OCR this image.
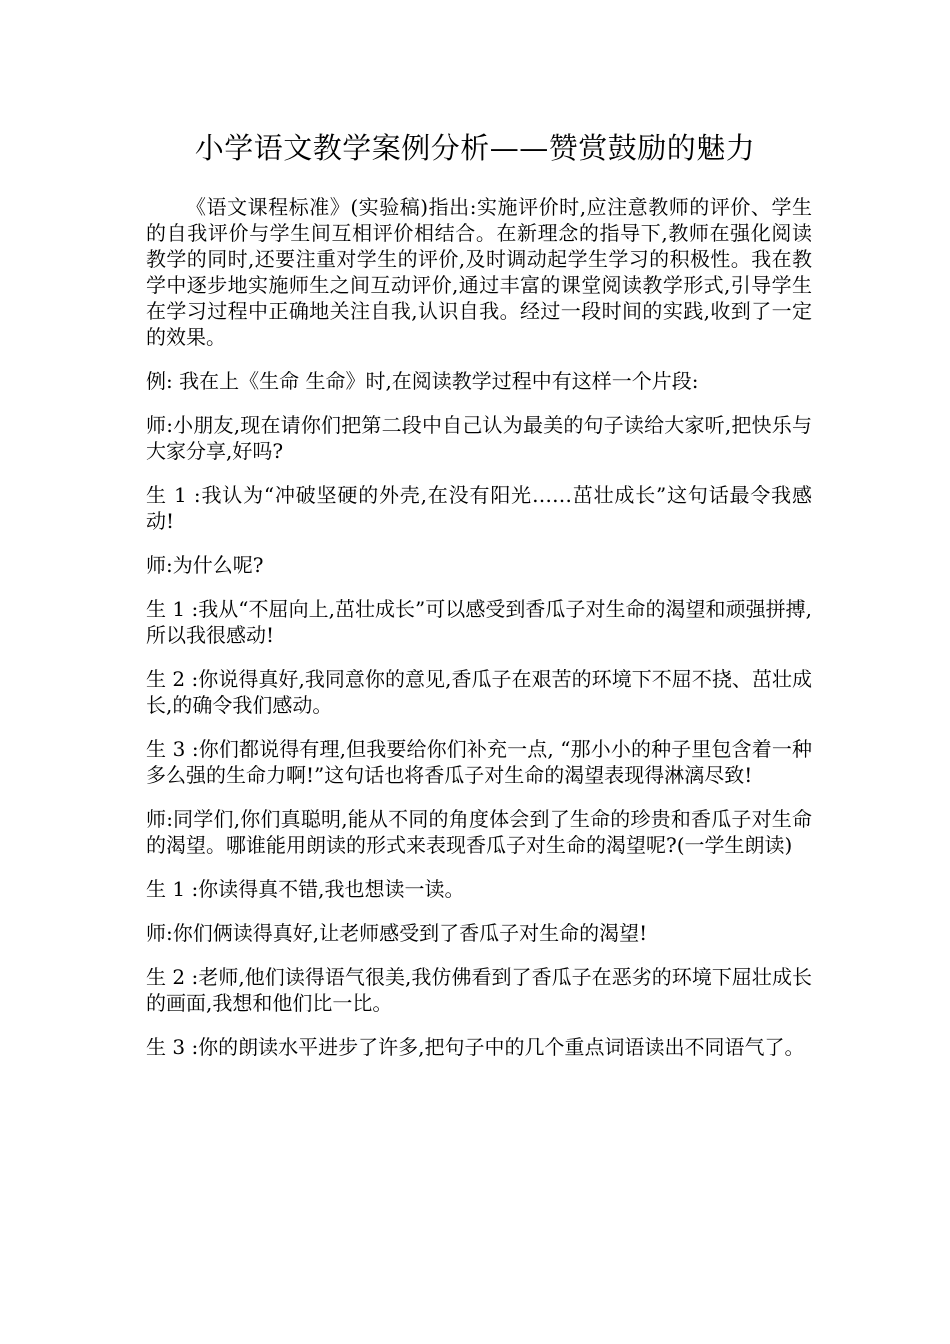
小学语文教学案例分析——赞赏鼓励的魅力

《语文课程标准》(实验稿)指出:实施评价时,应注意教师的评价、学生的自我评价与学生间互相评价相结合。在新理念的指导下,教师在强化阅读教学的同时,还要注重对学生的评价,及时调动起学生学习的积极性。我在教学中逐步地实施师生之间互动评价,通过丰富的课堂阅读教学形式,引导学生在学习过程中正确地关注自我,认识自我。经过一段时间的实践,收到了一定的效果。

例: 我在上《生命 生命》时,在阅读教学过程中有这样一个片段:

师:小朋友,现在请你们把第二段中自己认为最美的句子读给大家听,把快乐与大家分享,好吗?

生 1 :我认为“冲破坚硬的外壳,在没有阳光……茁壮成长”这句话最令我感动!

师:为什么呢?

生 1 :我从“不屈向上,茁壮成长”可以感受到香瓜子对生命的渴望和顽强拼搏,所以我很感动!

生 2 :你说得真好,我同意你的意见,香瓜子在艰苦的环境下不屈不挠、茁壮成长,的确令我们感动。

生 3 :你们都说得有理,但我要给你们补充一点, “那小小的种子里包含着一种多么强的生命力啊!”这句话也将香瓜子对生命的渴望表现得淋漓尽致!

师:同学们,你们真聪明,能从不同的角度体会到了生命的珍贵和香瓜子对生命的渴望。哪谁能用朗读的形式来表现香瓜子对生命的渴望呢?(一学生朗读)

生 1 :你读得真不错,我也想读一读。

师:你们俩读得真好,让老师感受到了香瓜子对生命的渴望!

生 2 :老师,他们读得语气很美,我仿佛看到了香瓜子在恶劣的环境下屈壮成长的画面,我想和他们比一比。

生 3 :你的朗读水平进步了许多,把句子中的几个重点词语读出不同语气了。
